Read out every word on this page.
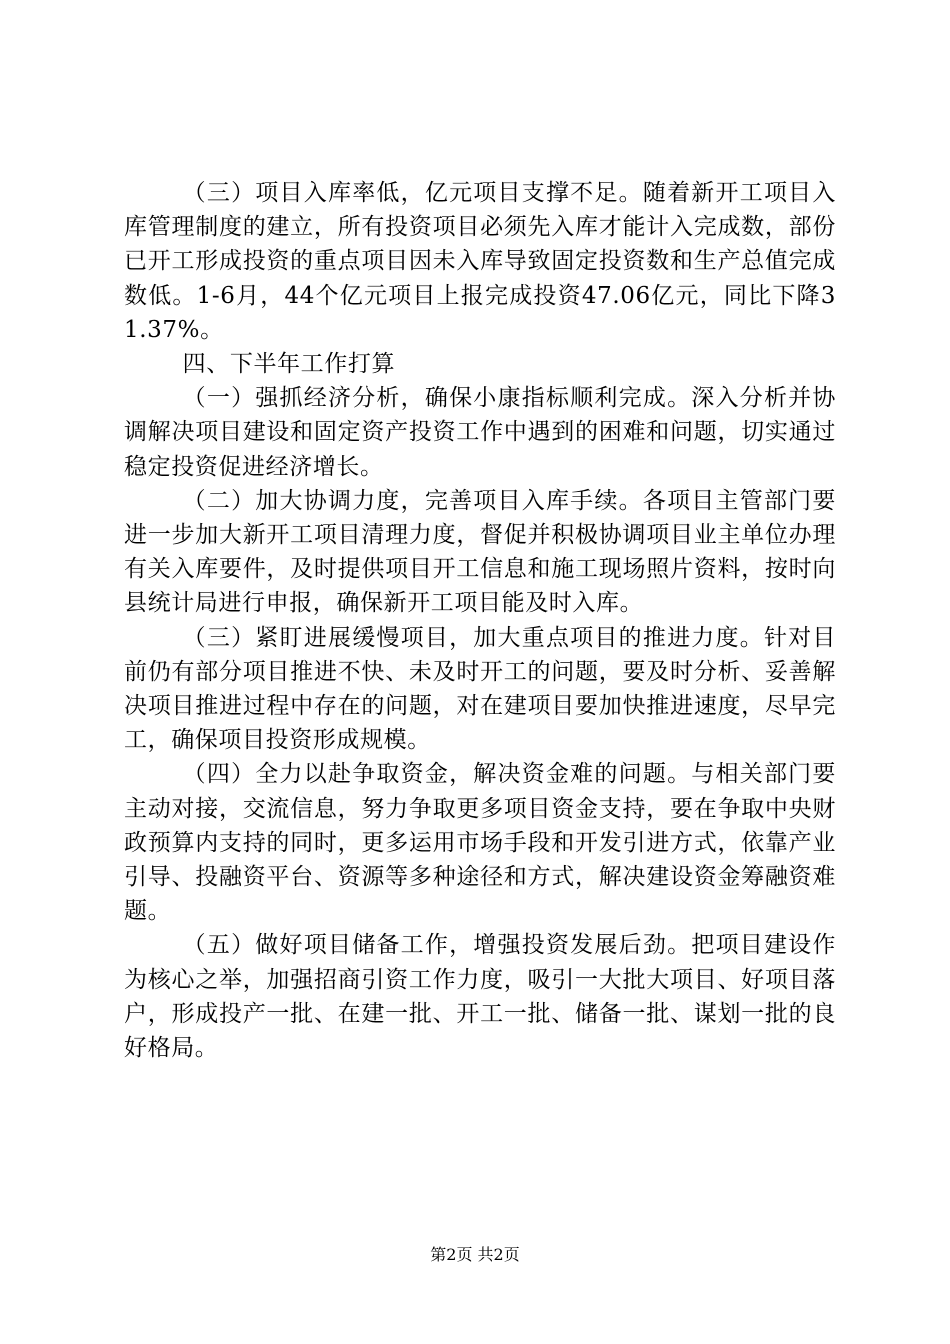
（三）项目入库率低，亿元项目支撑不足。随着新开工项目入库管理制度的建立，所有投资项目必须先入库才能计入完成数，部份已开工形成投资的重点项目因未入库导致固定投资数和生产总值完成数低。1-6月，44个亿元项目上报完成投资47.06亿元，同比下降31.37%。

四、下半年工作打算

（一）强抓经济分析，确保小康指标顺利完成。深入分析并协调解决项目建设和固定资产投资工作中遇到的困难和问题，切实通过稳定投资促进经济增长。

（二）加大协调力度，完善项目入库手续。各项目主管部门要进一步加大新开工项目清理力度，督促并积极协调项目业主单位办理有关入库要件，及时提供项目开工信息和施工现场照片资料，按时向县统计局进行申报，确保新开工项目能及时入库。

（三）紧盯进展缓慢项目，加大重点项目的推进力度。针对目前仍有部分项目推进不快、未及时开工的问题，要及时分析、妥善解决项目推进过程中存在的问题，对在建项目要加快推进速度，尽早完工，确保项目投资形成规模。

（四）全力以赴争取资金，解决资金难的问题。与相关部门要主动对接，交流信息，努力争取更多项目资金支持，要在争取中央财政预算内支持的同时，更多运用市场手段和开发引进方式，依靠产业引导、投融资平台、资源等多种途径和方式，解决建设资金筹融资难题。

（五）做好项目储备工作，增强投资发展后劲。把项目建设作为核心之举，加强招商引资工作力度，吸引一大批大项目、好项目落户，形成投产一批、在建一批、开工一批、储备一批、谋划一批的良好格局。

第2页 共2页
